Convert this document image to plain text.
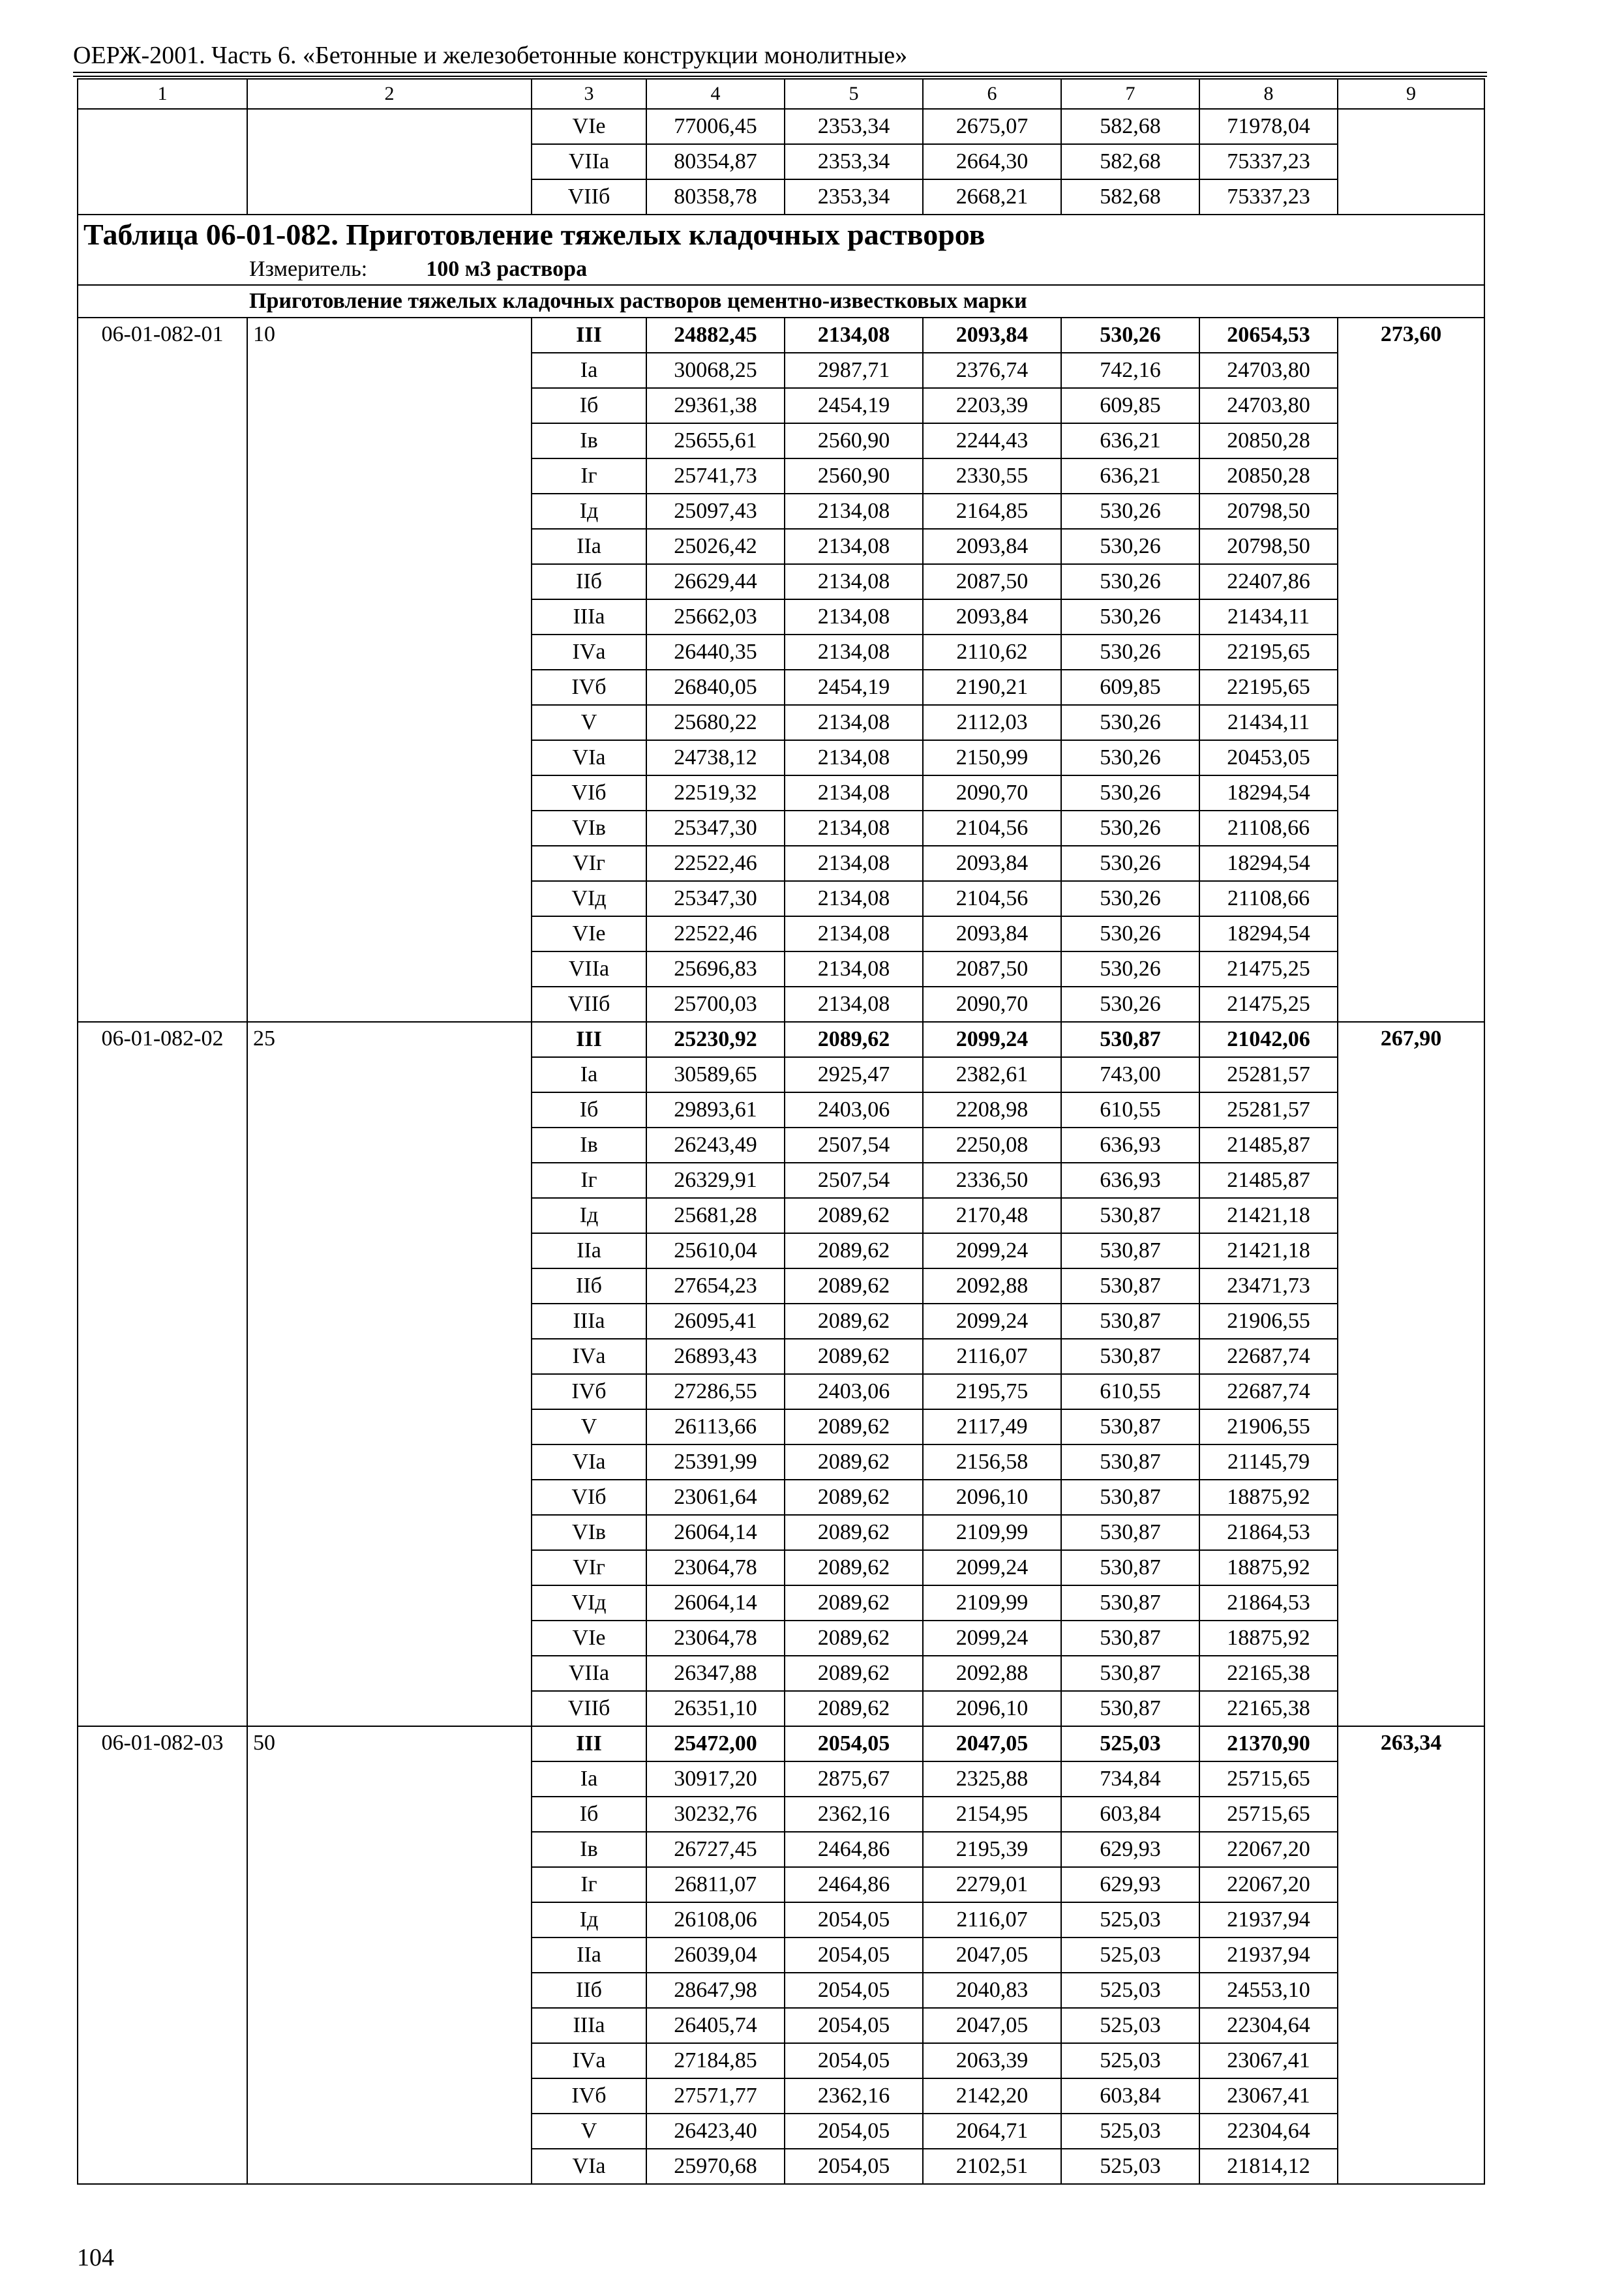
ОЕРЖ-2001. Часть 6. «Бетонные и железобетонные конструкции монолитные»
1	2	3	4	5	6	7	8	9
		VIе	77006,45	2353,34	2675,07	582,68	71978,04	
		VIIа	80354,87	2353,34	2664,30	582,68	75337,23	
		VIIб	80358,78	2353,34	2668,21	582,68	75337,23	
Таблица 06-01-082. Приготовление тяжелых кладочных растворов								
Измеритель: 100 м3 раствора								
Приготовление тяжелых кладочных растворов цементно-известковых марки								
06-01-082-01	10	III	24882,45	2134,08	2093,84	530,26	20654,53	273,60
		Iа	30068,25	2987,71	2376,74	742,16	24703,80	
		Iб	29361,38	2454,19	2203,39	609,85	24703,80	
		Iв	25655,61	2560,90	2244,43	636,21	20850,28	
		Iг	25741,73	2560,90	2330,55	636,21	20850,28	
		Iд	25097,43	2134,08	2164,85	530,26	20798,50	
		IIа	25026,42	2134,08	2093,84	530,26	20798,50	
		IIб	26629,44	2134,08	2087,50	530,26	22407,86	
		IIIа	25662,03	2134,08	2093,84	530,26	21434,11	
		IVа	26440,35	2134,08	2110,62	530,26	22195,65	
		IVб	26840,05	2454,19	2190,21	609,85	22195,65	
		V	25680,22	2134,08	2112,03	530,26	21434,11	
		VIа	24738,12	2134,08	2150,99	530,26	20453,05	
		VIб	22519,32	2134,08	2090,70	530,26	18294,54	
		VIв	25347,30	2134,08	2104,56	530,26	21108,66	
		VIг	22522,46	2134,08	2093,84	530,26	18294,54	
		VIд	25347,30	2134,08	2104,56	530,26	21108,66	
		VIе	22522,46	2134,08	2093,84	530,26	18294,54	
		VIIа	25696,83	2134,08	2087,50	530,26	21475,25	
		VIIб	25700,03	2134,08	2090,70	530,26	21475,25	
06-01-082-02	25	III	25230,92	2089,62	2099,24	530,87	21042,06	267,90
		Iа	30589,65	2925,47	2382,61	743,00	25281,57	
		Iб	29893,61	2403,06	2208,98	610,55	25281,57	
		Iв	26243,49	2507,54	2250,08	636,93	21485,87	
		Iг	26329,91	2507,54	2336,50	636,93	21485,87	
		Iд	25681,28	2089,62	2170,48	530,87	21421,18	
		IIа	25610,04	2089,62	2099,24	530,87	21421,18	
		IIб	27654,23	2089,62	2092,88	530,87	23471,73	
		IIIа	26095,41	2089,62	2099,24	530,87	21906,55	
		IVа	26893,43	2089,62	2116,07	530,87	22687,74	
		IVб	27286,55	2403,06	2195,75	610,55	22687,74	
		V	26113,66	2089,62	2117,49	530,87	21906,55	
		VIа	25391,99	2089,62	2156,58	530,87	21145,79	
		VIб	23061,64	2089,62	2096,10	530,87	18875,92	
		VIв	26064,14	2089,62	2109,99	530,87	21864,53	
		VIг	23064,78	2089,62	2099,24	530,87	18875,92	
		VIд	26064,14	2089,62	2109,99	530,87	21864,53	
		VIе	23064,78	2089,62	2099,24	530,87	18875,92	
		VIIа	26347,88	2089,62	2092,88	530,87	22165,38	
		VIIб	26351,10	2089,62	2096,10	530,87	22165,38	
06-01-082-03	50	III	25472,00	2054,05	2047,05	525,03	21370,90	263,34
		Iа	30917,20	2875,67	2325,88	734,84	25715,65	
		Iб	30232,76	2362,16	2154,95	603,84	25715,65	
		Iв	26727,45	2464,86	2195,39	629,93	22067,20	
		Iг	26811,07	2464,86	2279,01	629,93	22067,20	
		Iд	26108,06	2054,05	2116,07	525,03	21937,94	
		IIа	26039,04	2054,05	2047,05	525,03	21937,94	
		IIб	28647,98	2054,05	2040,83	525,03	24553,10	
		IIIа	26405,74	2054,05	2047,05	525,03	22304,64	
		IVа	27184,85	2054,05	2063,39	525,03	23067,41	
		IVб	27571,77	2362,16	2142,20	603,84	23067,41	
		V	26423,40	2054,05	2064,71	525,03	22304,64	
		VIа	25970,68	2054,05	2102,51	525,03	21814,12	
104
